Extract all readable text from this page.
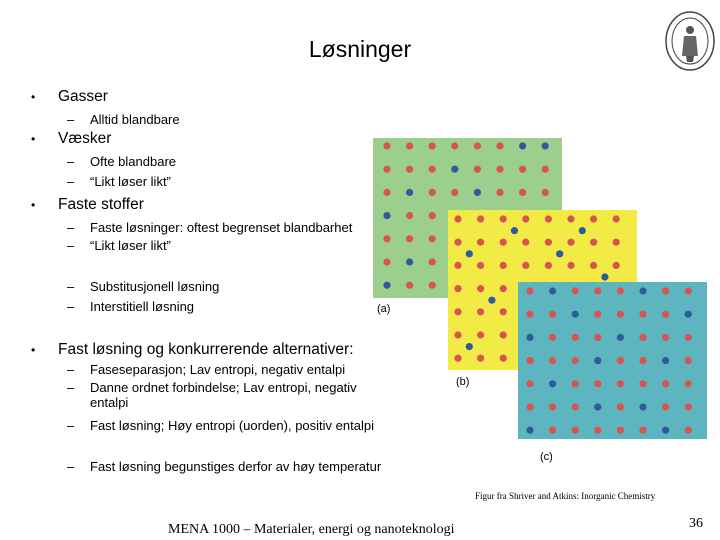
Løsninger
• Gasser
– Alltid blandbare
• Væsker
– Ofte blandbare
– “Likt løser likt”
• Faste stoffer
– Faste løsninger: oftest begrenset blandbarhet
– “Likt løser likt”
– Substitusjonell løsning
– Interstitiell løsning
• Fast løsning og konkurrerende alternativer:
– Faseseparasjon; Lav entropi, negativ entalpi
– Danne ordnet forbindelse; Lav entropi, negativ entalpi
– Fast løsning; Høy entropi (uorden), positiv entalpi
– Fast løsning begunstiges derfor av høy temperatur
(a)
(b)
(c)
Figur fra Shriver and Atkins: Inorganic Chemistry
MENA 1000 – Materialer, energi og nanoteknologi	36
